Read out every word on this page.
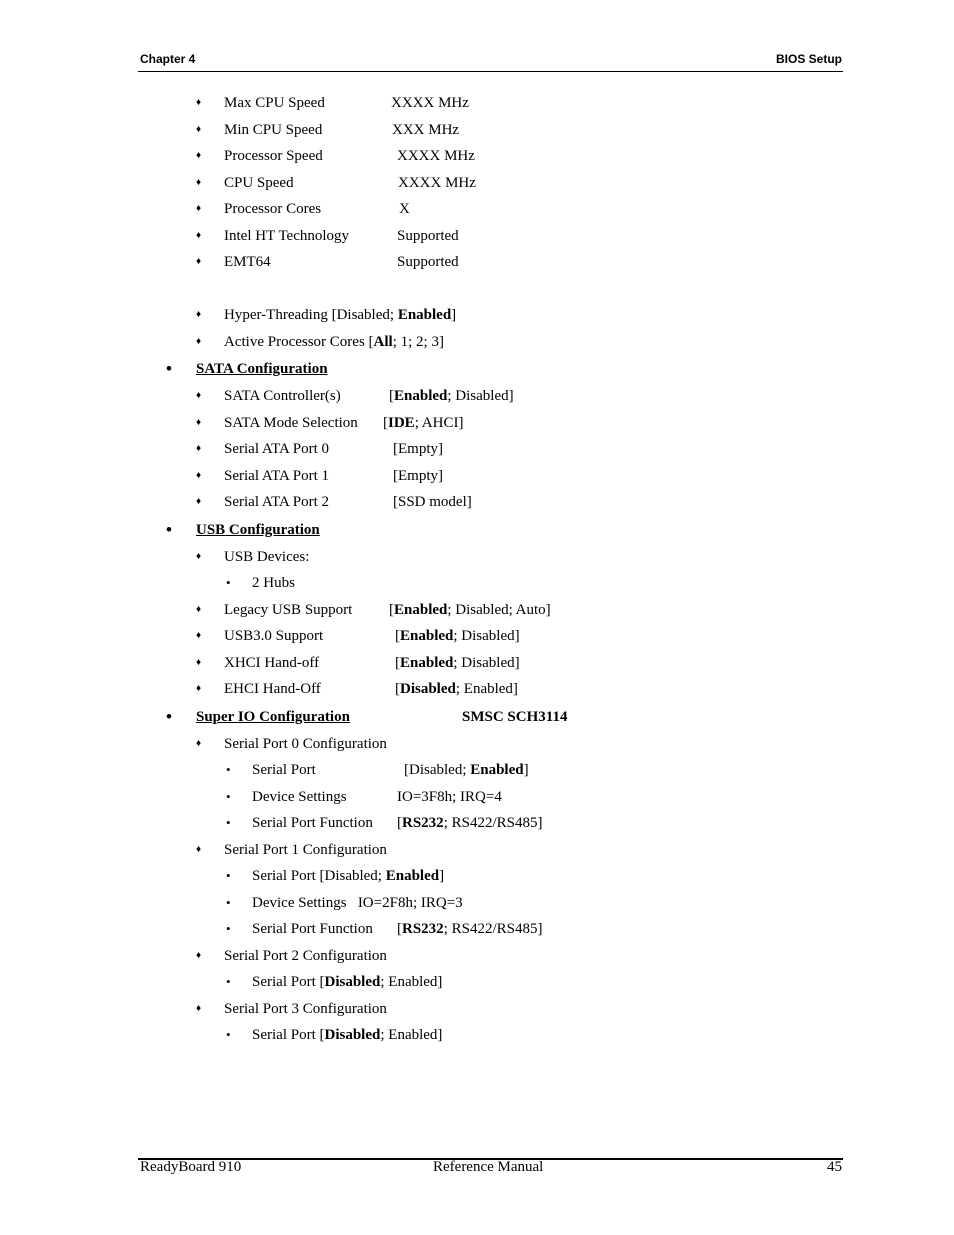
Chapter 4	BIOS Setup
♦ Max CPU Speed	XXXX MHz
♦ Min CPU Speed	XXX MHz
♦ Processor Speed	XXXX MHz
♦ CPU Speed	XXXX MHz
♦ Processor Cores	X
♦ Intel HT Technology	Supported
♦ EMT64	Supported
♦ Hyper-Threading [Disabled; Enabled]
♦ Active Processor Cores [All; 1; 2; 3]
• SATA Configuration
♦ SATA Controller(s)	[Enabled; Disabled]
♦ SATA Mode Selection [IDE; AHCI]
♦ Serial ATA Port 0	[Empty]
♦ Serial ATA Port 1	[Empty]
♦ Serial ATA Port 2	[SSD model]
• USB Configuration
♦ USB Devices:
• 2 Hubs
♦ Legacy USB Support [Enabled; Disabled; Auto]
♦ USB3.0 Support	[Enabled; Disabled]
♦ XHCI Hand-off	[Enabled; Disabled]
♦ EHCI Hand-Off	[Disabled; Enabled]
• Super IO Configuration	SMSC SCH3114
♦ Serial Port 0 Configuration
• Serial Port	[Disabled; Enabled]
• Device Settings	IO=3F8h; IRQ=4
• Serial Port Function [RS232; RS422/RS485]
♦ Serial Port 1 Configuration
• Serial Port [Disabled; Enabled]
• Device Settings   IO=2F8h; IRQ=3
• Serial Port Function [RS232; RS422/RS485]
♦ Serial Port 2 Configuration
• Serial Port [Disabled; Enabled]
♦ Serial Port 3 Configuration
• Serial Port [Disabled; Enabled]
ReadyBoard 910	Reference Manual	45
